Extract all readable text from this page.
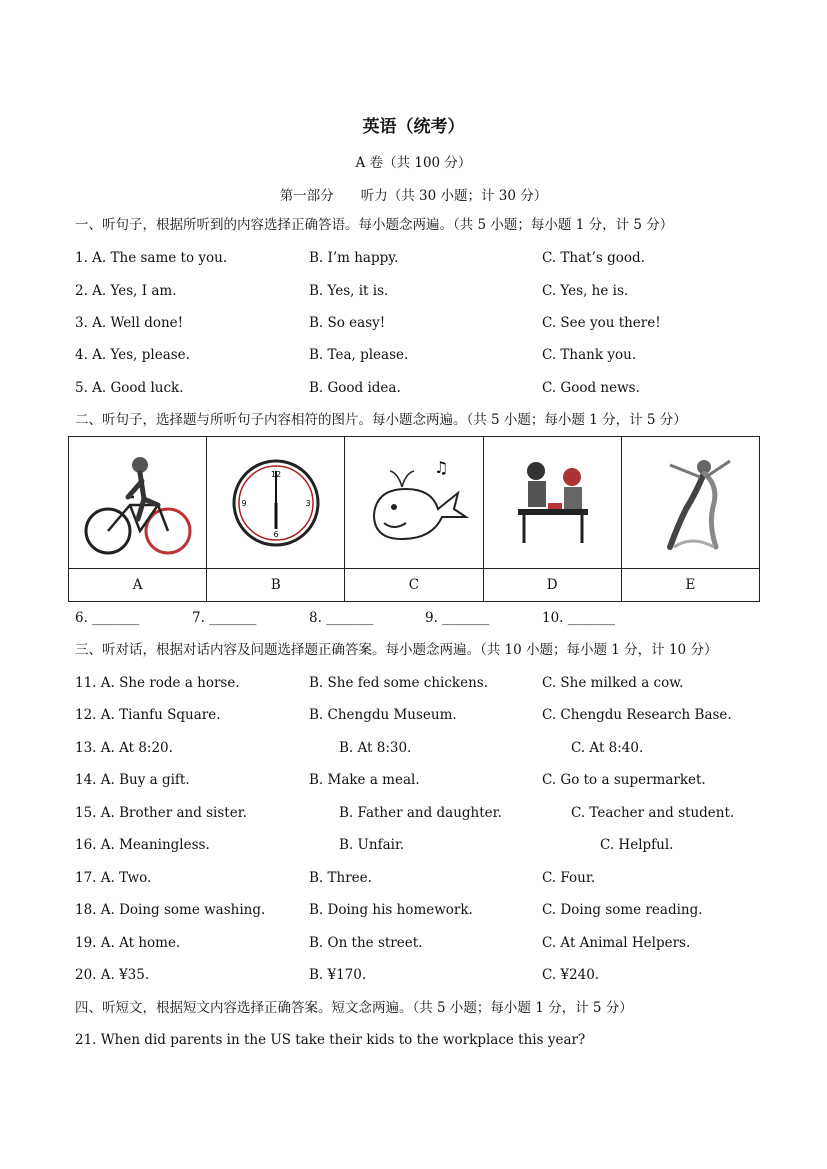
英语（统考）
A 卷（共 100 分）
第一部分　　听力（共 30 小题；计 30 分）
一、听句子，根据所听到的内容选择正确答语。每小题念两遍。（共 5 小题；每小题 1 分，计 5 分）
1. A. The same to you.	B. I’m happy.	C. That’s good.
2. A. Yes, I am.	B. Yes, it is.	C. Yes, he is.
3. A. Well done!	B. So easy!	C. See you there!
4. A. Yes, please.	B. Tea, please.	C. Thank you.
5. A. Good luck.	B. Good idea.	C. Good news.
二、听句子，选择题与所听句子内容相符的图片。每小题念两遍。（共 5 小题；每小题 1 分，计 5 分）

12
3
6
9	♫

A	B	C	D	E
6. _______	7. _______	8. _______	9. _______	10. _______
三、听对话，根据对话内容及问题选择题正确答案。每小题念两遍。（共 10 小题；每小题 1 分，计 10 分）
11. A. She rode a horse.	B. She fed some chickens.	C. She milked a cow.
12. A. Tianfu Square.	B. Chengdu Museum.	C. Chengdu Research Base.
13. A. At 8:20.	B. At 8:30.	C. At 8:40.
14. A. Buy a gift.	B. Make a meal.	C. Go to a supermarket.
15. A. Brother and sister.	B. Father and daughter.	C. Teacher and student.
16. A. Meaningless.	B. Unfair.	C. Helpful.
17. A. Two.	B. Three.	C. Four.
18. A. Doing some washing.	B. Doing his homework.	C. Doing some reading.
19. A. At home.	B. On the street.	C. At Animal Helpers.
20. A. ¥35.	B. ¥170.	C. ¥240.
四、听短文，根据短文内容选择正确答案。短文念两遍。（共 5 小题；每小题 1 分，计 5 分）
21. When did parents in the US take their kids to the workplace this year?
